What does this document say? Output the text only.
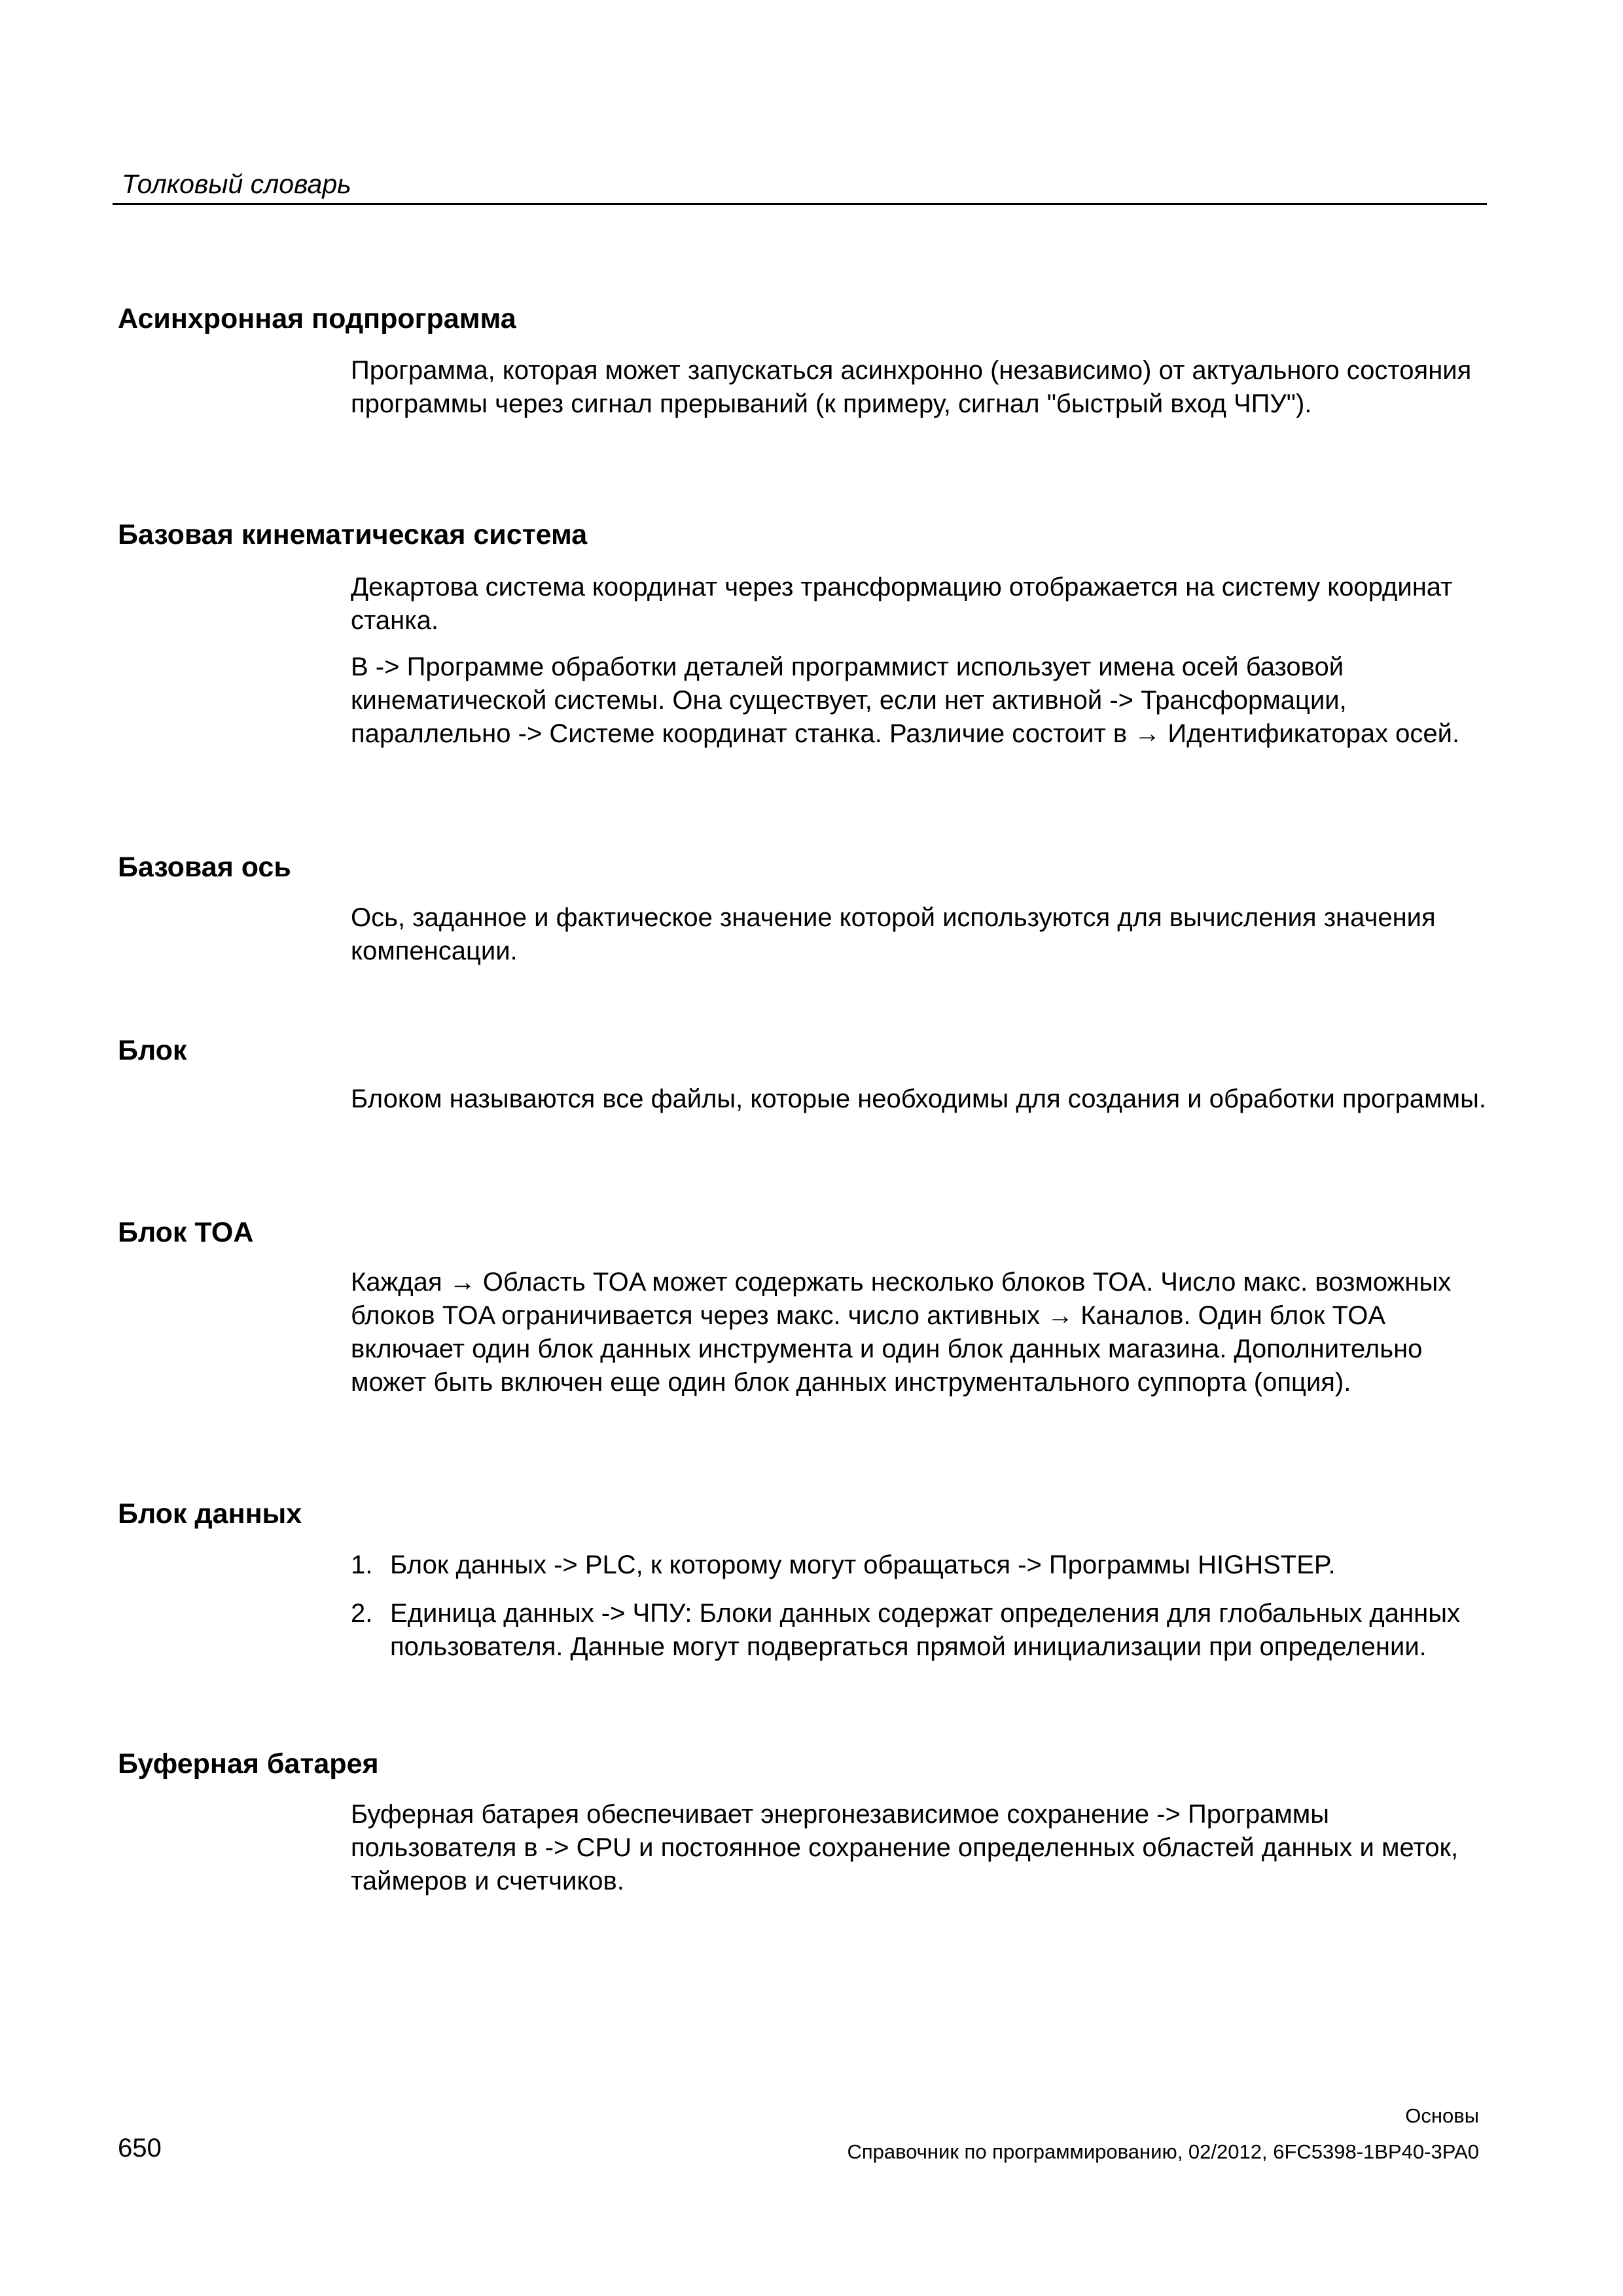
Толковый словарь
Асинхронная подпрограмма
Программа, которая может запускаться асинхронно (независимо) от актуального состояния программы через сигнал прерываний (к примеру, сигнал "быстрый вход ЧПУ").
Базовая кинематическая система
Декартова система координат через трансформацию отображается на систему координат станка.
В -> Программе обработки деталей программист использует имена осей базовой кинематической системы. Она существует, если нет активной -> Трансформации, параллельно -> Системе координат станка. Различие состоит в → Идентификаторах осей.
Базовая ось
Ось, заданное и фактическое значение которой используются для вычисления значения компенсации.
Блок
Блоком называются все файлы, которые необходимы для создания и обработки программы.
Блок TOA
Каждая → Область TOA может содержать несколько блоков TOA. Число макс. возможных блоков TOA ограничивается через макс. число активных → Каналов. Один блок TOA включает один блок данных инструмента и один блок данных магазина. Дополнительно может быть включен еще один блок данных инструментального суппорта (опция).
Блок данных
1. Блок данных -> PLC, к которому могут обращаться -> Программы HIGHSTEP.
2. Единица данных -> ЧПУ: Блоки данных содержат определения для глобальных данных пользователя. Данные могут подвергаться прямой инициализации при определении.
Буферная батарея
Буферная батарея обеспечивает энергонезависимое сохранение -> Программы пользователя в -> CPU и постоянное сохранение определенных областей данных и меток, таймеров и счетчиков.
Основы
650	Справочник по программированию, 02/2012, 6FC5398-1BP40-3PA0
